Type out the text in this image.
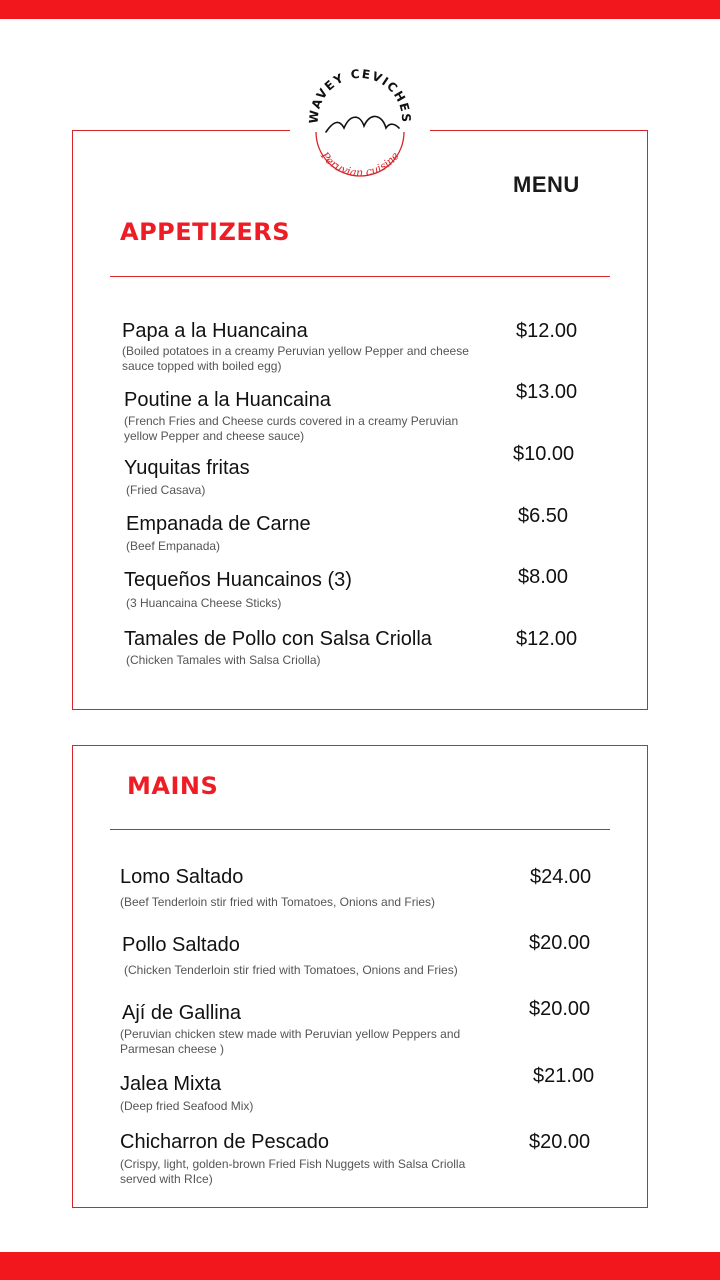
WAVEY CEVICHES
Peruvian cuisine
MENU
APPETIZERS
Papa a la Huancaina
(Boiled potatoes in a creamy Peruvian yellow Pepper and cheese sauce topped with boiled egg)
$12.00
Poutine a la Huancaina
(French Fries and Cheese curds covered in a creamy Peruvian yellow Pepper and cheese sauce)
$13.00
Yuquitas fritas
(Fried Casava)
$10.00
Empanada de Carne
(Beef Empanada)
$6.50
Tequeños Huancainos (3)
(3 Huancaina Cheese Sticks)
$8.00
Tamales de Pollo con Salsa Criolla
(Chicken Tamales with Salsa Criolla)
$12.00
MAINS
Lomo Saltado
(Beef Tenderloin stir fried with Tomatoes, Onions and Fries)
$24.00
Pollo Saltado
(Chicken Tenderloin stir fried with Tomatoes, Onions and Fries)
$20.00
Ají de Gallina
(Peruvian chicken stew made with Peruvian yellow Peppers and Parmesan cheese )
$20.00
Jalea Mixta
(Deep fried Seafood Mix)
$21.00
Chicharron de Pescado
(Crispy, light, golden-brown Fried Fish Nuggets with Salsa Criolla served with RIce)
$20.00
